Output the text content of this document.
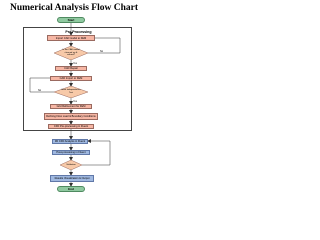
Numerical Analysis Flow Chart
Pre Processing
Yes
No
Yes
No
Start
Import CAD model to FEM
Is the CAD model cleaned up & refined?
CAD Repair
CAD Import to FEM
Ideal Independence Test
Grid Refinement for FEM
Defining Flow Load & Boundary Conditions
CFD Pre-processing in Fluent
3D CFD Analysis in Fluent
Post-processing in Fluent
Validation
Results Visualization & Output
End
